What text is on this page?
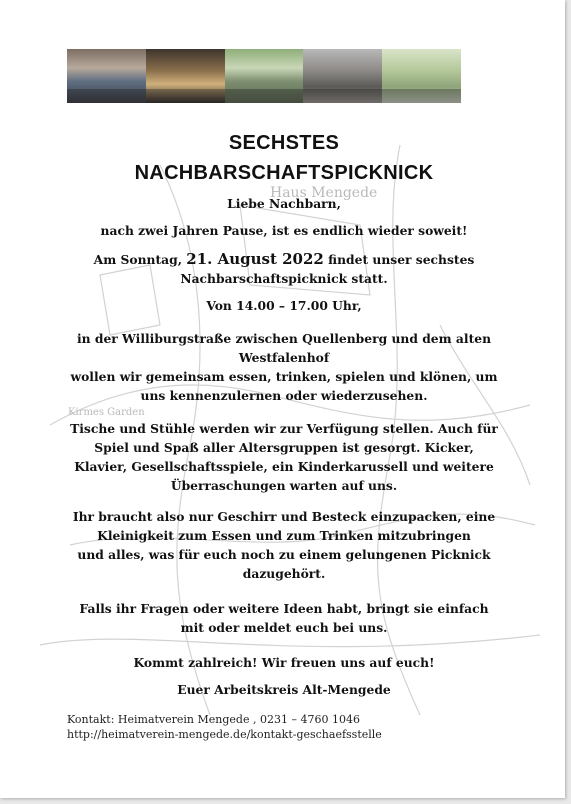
Haus Mengede
Kirmes Garden
SECHSTES
NACHBARSCHAFTSPICKNICK

Liebe Nachbarn,

nach zwei Jahren Pause, ist es endlich wieder soweit!

Am Sonntag, 21. August 2022 findet unser sechstes
Nachbarschaftspicknick statt.

Von 14.00 – 17.00 Uhr,

in der Williburgstraße zwischen Quellenberg und dem alten
Westfalenhof
wollen wir gemeinsam essen, trinken, spielen und klönen, um
uns kennenzulernen oder wiederzusehen.

Tische und Stühle werden wir zur Verfügung stellen. Auch für
Spiel und Spaß aller Altersgruppen ist gesorgt. Kicker,
Klavier, Gesellschaftsspiele, ein Kinderkarussell und weitere
Überraschungen warten auf uns.

Ihr braucht also nur Geschirr und Besteck einzupacken, eine
Kleinigkeit zum Essen und zum Trinken mitzubringen
und alles, was für euch noch zu einem gelungenen Picknick
dazugehört.

Falls ihr Fragen oder weitere Ideen habt, bringt sie einfach
mit oder meldet euch bei uns.

Kommt zahlreich! Wir freuen uns auf euch!

Euer Arbeitskreis Alt-Mengede

Kontakt: Heimatverein Mengede , 0231 – 4760 1046
http://heimatverein-mengede.de/kontakt-geschaefsstelle
